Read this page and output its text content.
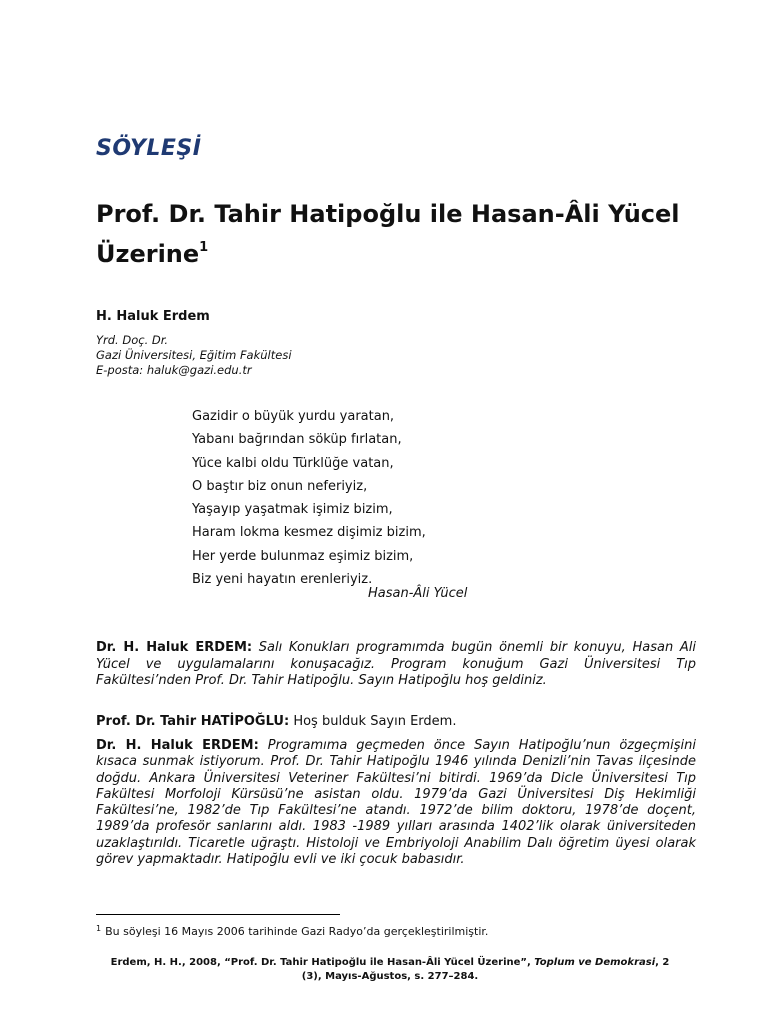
SÖYLEŞİ
Prof. Dr. Tahir Hatipoğlu ile Hasan-Âli Yücel Üzerine$^1$
H. Haluk Erdem
Yrd. Doç. Dr.
Gazi Üniversitesi, Eğitim Fakültesi
E-posta: haluk@gazi.edu.tr
Gazidir o büyük yurdu yaratan,
Yabanı bağrından söküp fırlatan,
Yüce kalbi oldu Türklüğe vatan,
O baştır biz onun neferiyiz,
Yaşayıp yaşatmak işimiz bizim,
Haram lokma kesmez dişimiz bizim,
Her yerde bulunmaz eşimiz bizim,
Biz yeni hayatın erenleriyiz.
Hasan-Âli Yücel
Dr. H. Haluk ERDEM: Salı Konukları programımda bugün önemli bir konuyu, Hasan Ali Yücel ve uygulamalarını konuşacağız. Program konuğum Gazi Üniversitesi Tıp Fakültesi’nden Prof. Dr. Tahir Hatipoğlu. Sayın Hatipoğlu hoş geldiniz.
Prof. Dr. Tahir HATİPOĞLU: Hoş bulduk Sayın Erdem.
Dr. H. Haluk ERDEM: Programıma geçmeden önce Sayın Hatipoğlu’nun özgeçmişini kısaca sunmak istiyorum. Prof. Dr. Tahir Hatipoğlu 1946 yılında Denizli’nin Tavas ilçesinde doğdu. Ankara Üniversitesi Veteriner Fakültesi’ni bitirdi. 1969’da Dicle Üniversitesi Tıp Fakültesi Morfoloji Kürsüsü’ne asistan oldu. 1979’da Gazi Üniversitesi Diş Hekimliği Fakültesi’ne, 1982’de Tıp Fakültesi’ne atandı. 1972’de bilim doktoru, 1978’de doçent, 1989’da profesör sanlarını aldı. 1983 -1989 yılları arasında 1402’lik olarak üniversiteden uzaklaştırıldı. Ticaretle uğraştı. Histoloji ve Embriyoloji Anabilim Dalı öğretim üyesi olarak görev yapmaktadır. Hatipoğlu evli ve iki çocuk babasıdır.
$^1$ Bu söyleşi 16 Mayıs 2006 tarihinde Gazi Radyo’da gerçekleştirilmiştir.
Erdem, H. H., 2008, “Prof. Dr. Tahir Hatipoğlu ile Hasan-Âli Yücel Üzerine”, Toplum ve Demokrasi, 2 (3), Mayıs-Ağustos, s. 277–284.
